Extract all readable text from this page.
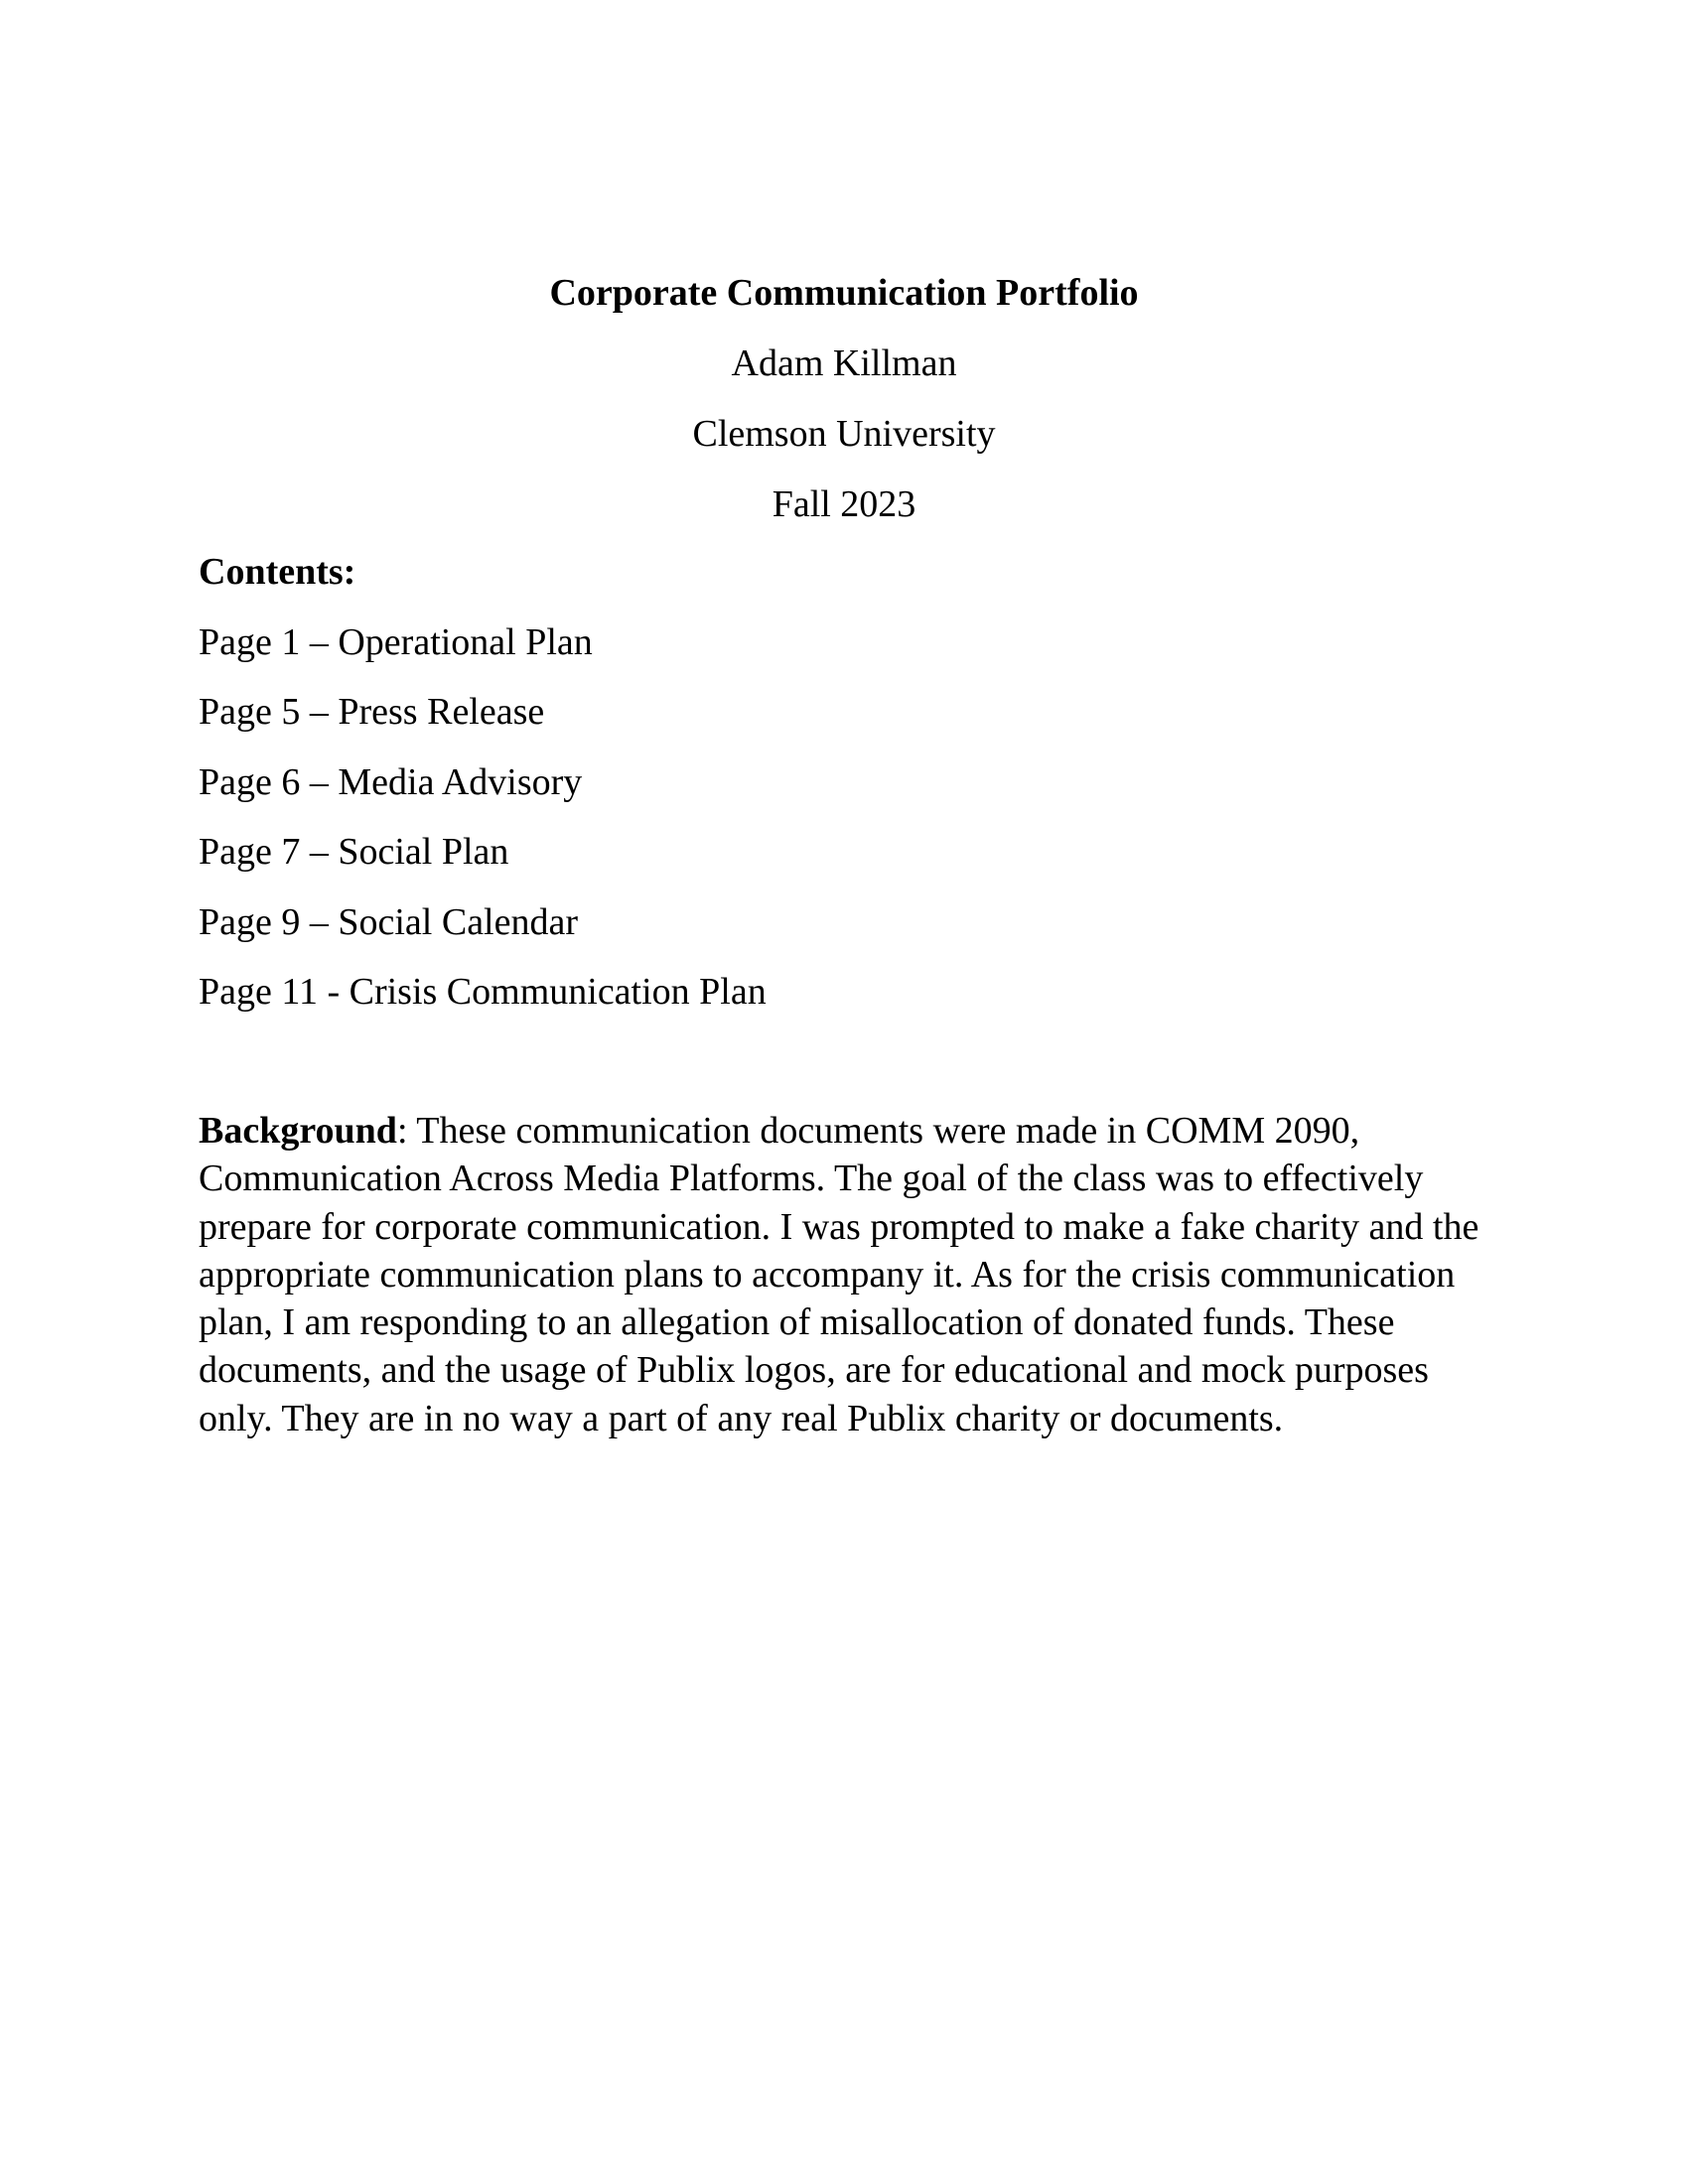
Corporate Communication Portfolio
Adam Killman
Clemson University
Fall 2023
Contents:
Page 1 – Operational Plan
Page 5 – Press Release
Page 6 – Media Advisory
Page 7 – Social Plan
Page 9 – Social Calendar
Page 11 - Crisis Communication Plan
Background: These communication documents were made in COMM 2090, Communication Across Media Platforms. The goal of the class was to effectively prepare for corporate communication. I was prompted to make a fake charity and the appropriate communication plans to accompany it. As for the crisis communication plan, I am responding to an allegation of misallocation of donated funds. These documents, and the usage of Publix logos, are for educational and mock purposes only. They are in no way a part of any real Publix charity or documents.
